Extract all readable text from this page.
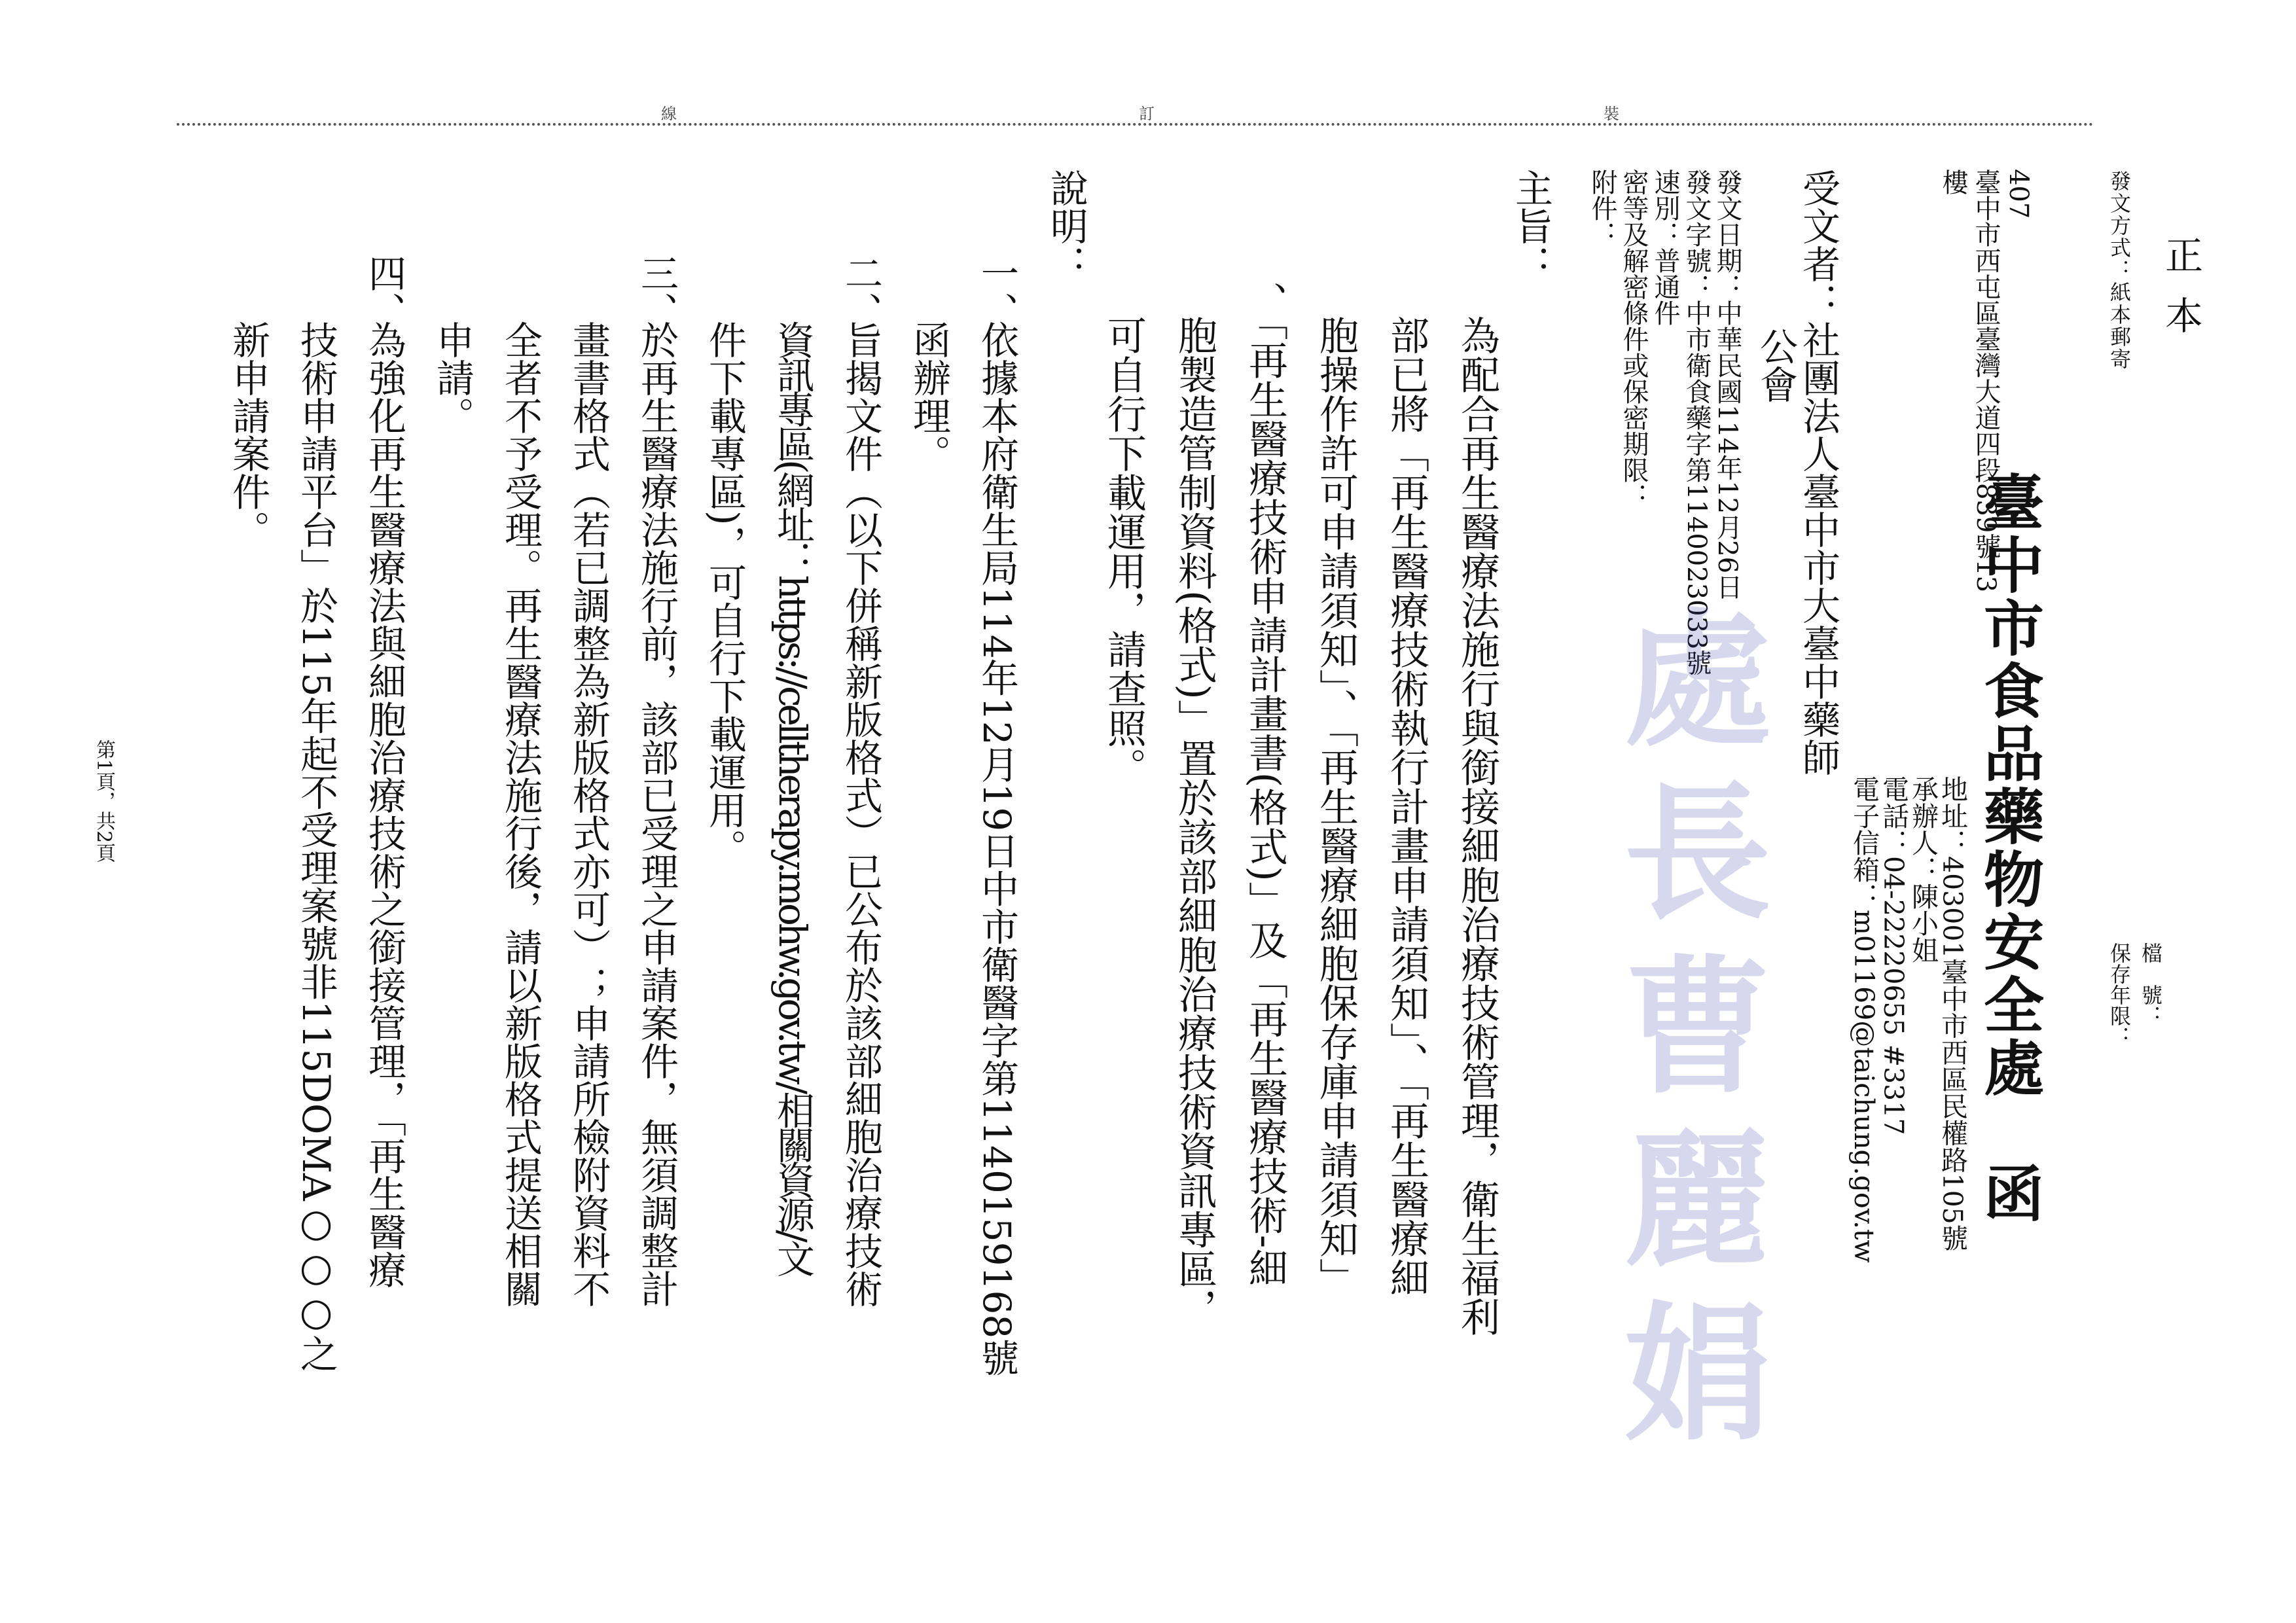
正本
發文方式：紙本郵寄
檔　號：
保存年限：
裝
訂
線
臺中市食品藥物安全處　函
407
臺中市西屯區臺灣大道四段839號13
樓
地址：403001臺中市西區民權路105號
承辦人：陳小姐
電話：04-22220655 #3317
電子信箱：m01169@taichung.gov.tw
受文者：社團法人臺中市大臺中藥師
公會
發文日期：中華民國114年12月26日
發文字號：中市衛食藥字第1140023033號
速別：普通件
密等及解密條件或保密期限：
附件：
處長曹麗娟
主旨：
為配合再生醫療法施行與銜接細胞治療技術管理，衛生福利
部已將「再生醫療技術執行計畫申請須知」、「再生醫療細
胞操作許可申請須知」、「再生醫療細胞保存庫申請須知」
、「再生醫療技術申請計畫書(格式)」及「再生醫療技術-細
胞製造管制資料(格式)」置於該部細胞治療技術資訊專區，
可自行下載運用，請查照。
說明：
一、
依據本府衛生局114年12月19日中市衛醫字第1140159168號
函辦理。
二、
旨揭文件（以下併稱新版格式）已公布於該部細胞治療技術
資訊專區(網址：https://celltherapy.mohw.gov.tw/相關資源/文
件下載專區)，可自行下載運用。
三、
於再生醫療法施行前，該部已受理之申請案件，無須調整計
畫書格式（若已調整為新版格式亦可）；申請所檢附資料不
全者不予受理。再生醫療法施行後，請以新版格式提送相關
申請。
四、
為強化再生醫療法與細胞治療技術之銜接管理，「再生醫療
技術申請平台」於115年起不受理案號非115DOMA○○○之
新申請案件。
第1頁，共2頁
